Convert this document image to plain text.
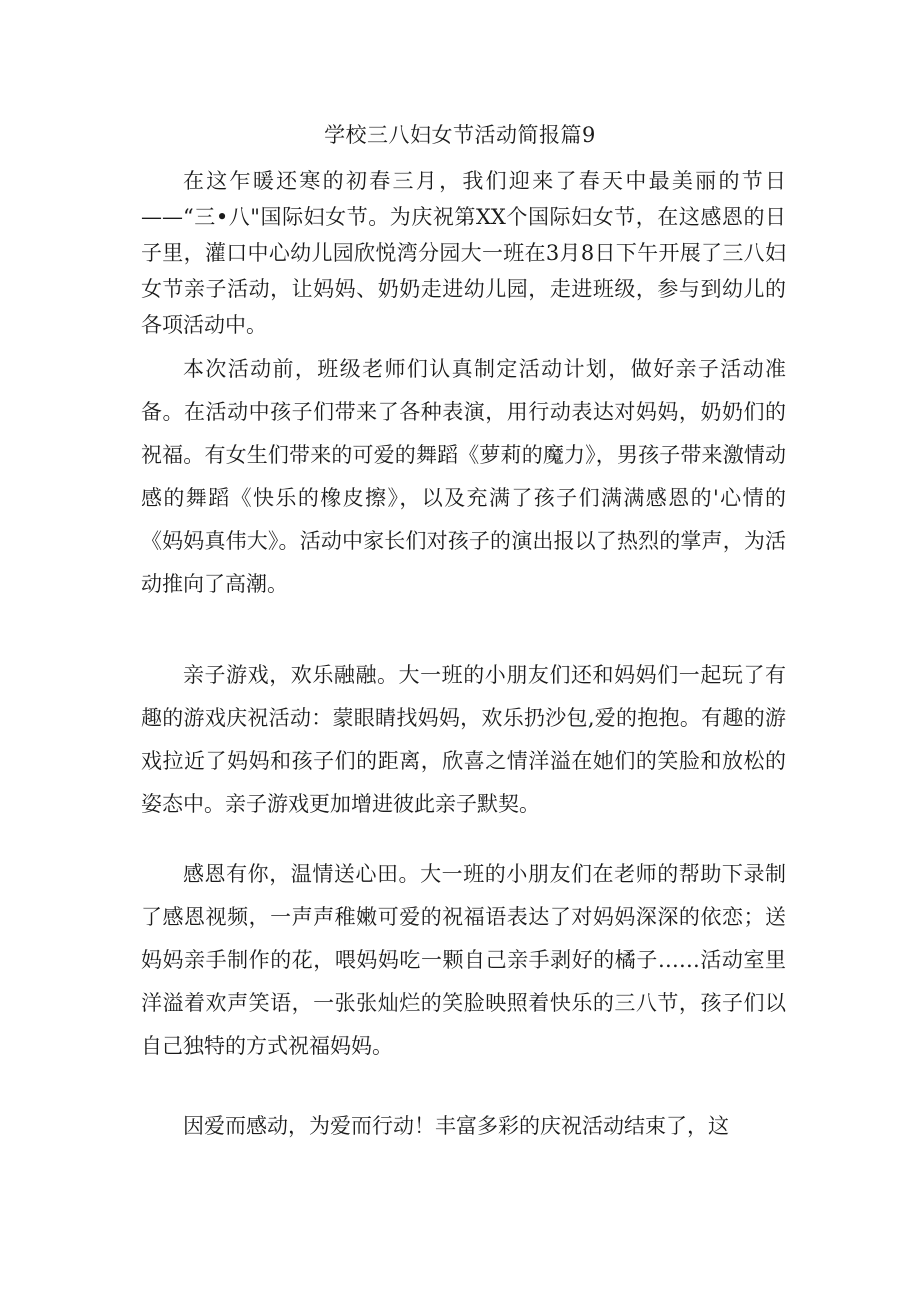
学校三八妇女节活动简报篇9

在这乍暖还寒的初春三月，我们迎来了春天中最美丽的节日——“三•八"国际妇女节。为庆祝第XX个国际妇女节，在这感恩的日子里，灌口中心幼儿园欣悦湾分园大一班在3月8日下午开展了三八妇女节亲子活动，让妈妈、奶奶走进幼儿园，走进班级，参与到幼儿的各项活动中。

本次活动前，班级老师们认真制定活动计划，做好亲子活动准备。在活动中孩子们带来了各种表演，用行动表达对妈妈，奶奶们的祝福。有女生们带来的可爱的舞蹈《萝莉的魔力》，男孩子带来激情动感的舞蹈《快乐的橡皮擦》，以及充满了孩子们满满感恩的'心情的《妈妈真伟大》。活动中家长们对孩子的演出报以了热烈的掌声，为活动推向了高潮。

亲子游戏，欢乐融融。大一班的小朋友们还和妈妈们一起玩了有趣的游戏庆祝活动：蒙眼睛找妈妈，欢乐扔沙包,爱的抱抱。有趣的游戏拉近了妈妈和孩子们的距离，欣喜之情洋溢在她们的笑脸和放松的姿态中。亲子游戏更加增进彼此亲子默契。

感恩有你，温情送心田。大一班的小朋友们在老师的帮助下录制了感恩视频，一声声稚嫩可爱的祝福语表达了对妈妈深深的依恋；送妈妈亲手制作的花，喂妈妈吃一颗自己亲手剥好的橘子……活动室里洋溢着欢声笑语，一张张灿烂的笑脸映照着快乐的三八节，孩子们以自己独特的方式祝福妈妈。

因爱而感动，为爱而行动！丰富多彩的庆祝活动结束了，这
